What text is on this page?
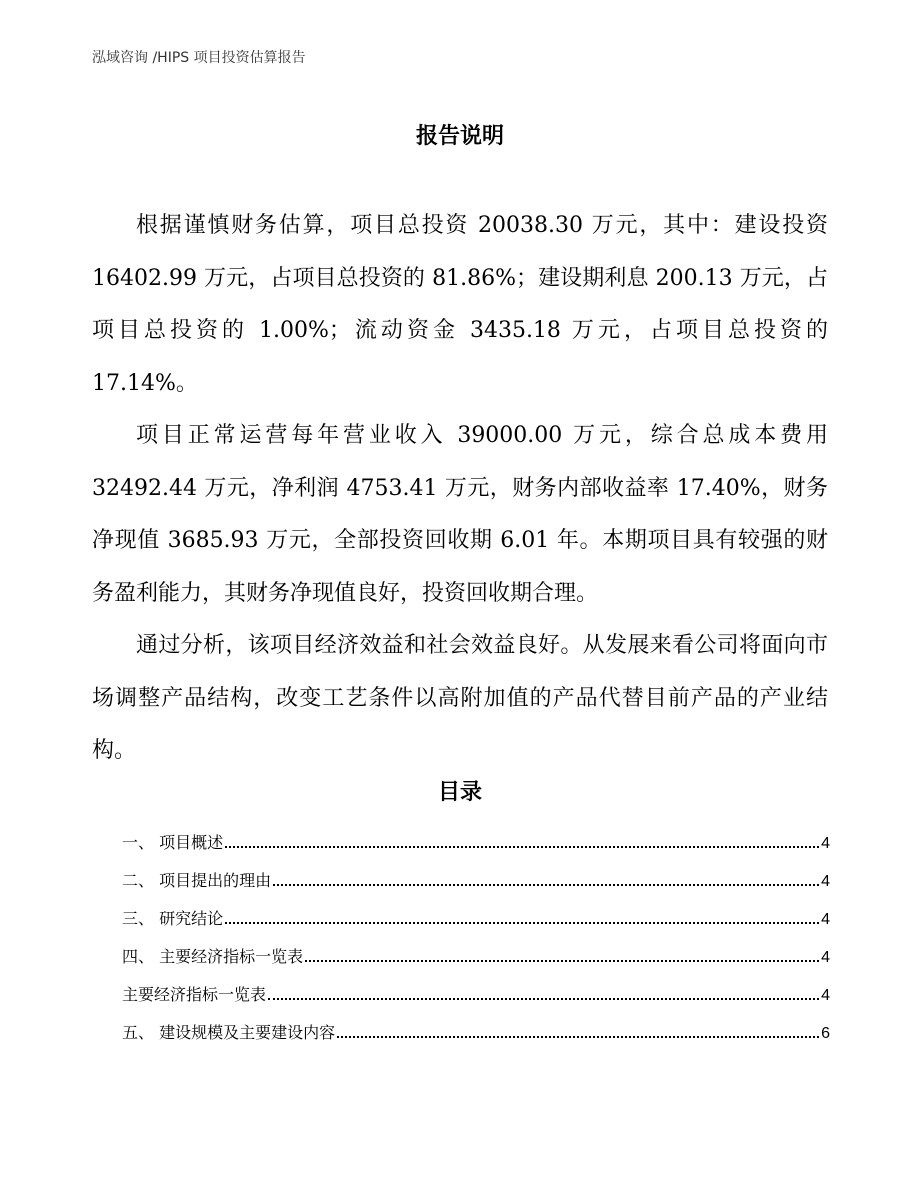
泓域咨询 /HIPS 项目投资估算报告
报告说明

根据谨慎财务估算，项目总投资 20038.30 万元，其中：建设投资 16402.99 万元，占项目总投资的 81.86%；建设期利息 200.13 万元，占项目总投资的 1.00%；流动资金 3435.18 万元，占项目总投资的 17.14%。

项目正常运营每年营业收入 39000.00 万元，综合总成本费用 32492.44 万元，净利润 4753.41 万元，财务内部收益率 17.40%，财务净现值 3685.93 万元，全部投资回收期 6.01 年。本期项目具有较强的财务盈利能力，其财务净现值良好，投资回收期合理。

通过分析，该项目经济效益和社会效益良好。从发展来看公司将面向市场调整产品结构，改变工艺条件以高附加值的产品代替目前产品的产业结构。

目录
一、 项目概述	4
二、 项目提出的理由	4
三、 研究结论	4
四、 主要经济指标一览表	4
主要经济指标一览表	4
五、 建设规模及主要建设内容	6
